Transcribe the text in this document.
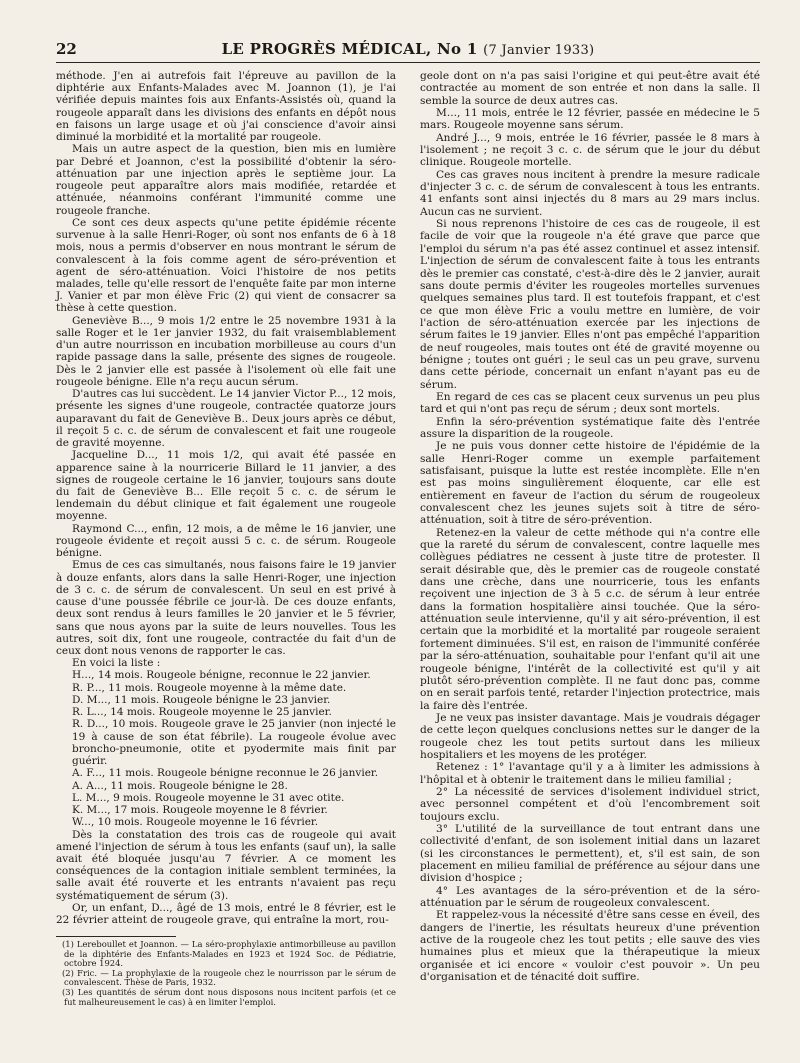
22	LE PROGRÈS MÉDICAL, No 1 (7 Janvier 1933)

méthode. J'en ai autrefois fait l'épreuve au pavillon de la diphtérie aux Enfants-Malades avec M. Joannon (1), je l'ai vérifiée depuis maintes fois aux Enfants-Assistés où, quand la rougeole apparaît dans les divisions des enfants en dépôt nous en faisons un large usage et où j'ai conscience d'avoir ainsi diminué la morbidité et la mortalité par rougeole.

Mais un autre aspect de la question, bien mis en lumière par Debré et Joannon, c'est la possibilité d'obtenir la séro-atténuation par une injection après le septième jour. La rougeole peut apparaître alors mais modifiée, retardée et atténuée, néanmoins conférant l'immunité comme une rougeole franche.

Ce sont ces deux aspects qu'une petite épidémie récente survenue à la salle Henri-Roger, où sont nos enfants de 6 à 18 mois, nous a permis d'observer en nous montrant le sérum de convalescent à la fois comme agent de séro-prévention et agent de séro-atténuation. Voici l'histoire de nos petits malades, telle qu'elle ressort de l'enquête faite par mon interne J. Vanier et par mon élève Fric (2) qui vient de consacrer sa thèse à cette question.

Geneviève B..., 9 mois 1/2 entre le 25 novembre 1931 à la salle Roger et le 1er janvier 1932, du fait vraisemblablement d'un autre nourrisson en incubation morbilleuse au cours d'un rapide passage dans la salle, présente des signes de rougeole. Dès le 2 janvier elle est passée à l'isolement où elle fait une rougeole bénigne. Elle n'a reçu aucun sérum.

D'autres cas lui succèdent. Le 14 janvier Victor P..., 12 mois, présente les signes d'une rougeole, contractée quatorze jours auparavant du fait de Geneviève B.. Deux jours après ce début, il reçoit 5 c. c. de sérum de convalescent et fait une rougeole de gravité moyenne.

Jacqueline D..., 11 mois 1/2, qui avait été passée en apparence saine à la nourricerie Billard le 11 janvier, a des signes de rougeole certaine le 16 janvier, toujours sans doute du fait de Geneviève B... Elle reçoit 5 c. c. de sérum le lendemain du début clinique et fait également une rougeole moyenne.

Raymond C..., enfin, 12 mois, a de même le 16 janvier, une rougeole évidente et reçoit aussi 5 c. c. de sérum. Rougeole bénigne.

Emus de ces cas simultanés, nous faisons faire le 19 janvier à douze enfants, alors dans la salle Henri-Roger, une injection de 3 c. c. de sérum de convalescent. Un seul en est privé à cause d'une poussée fébrile ce jour-là. De ces douze enfants, deux sont rendus à leurs familles le 20 janvier et le 5 février, sans que nous ayons par la suite de leurs nouvelles. Tous les autres, soit dix, font une rougeole, contractée du fait d'un de ceux dont nous venons de rapporter le cas.

En voici la liste :

H..., 14 mois. Rougeole bénigne, reconnue le 22 janvier.

R. P..., 11 mois. Rougeole moyenne à la même date.

D. M..., 11 mois. Rougeole bénigne le 23 janvier.

R. L..., 14 mois. Rougeole moyenne le 25 janvier.

R. D..., 10 mois. Rougeole grave le 25 janvier (non injecté le 19 à cause de son état fébrile). La rougeole évolue avec broncho-pneumonie, otite et pyodermite mais finit par guérir.

A. F..., 11 mois. Rougeole bénigne reconnue le 26 janvier.

A. A..., 11 mois. Rougeole bénigne le 28.

L. M..., 9 mois. Rougeole moyenne le 31 avec otite.

K. M..., 17 mois. Rougeole moyenne le 8 février.

W..., 10 mois. Rougeole moyenne le 16 février.

Dès la constatation des trois cas de rougeole qui avait amené l'injection de sérum à tous les enfants (sauf un), la salle avait été bloquée jusqu'au 7 février. A ce moment les conséquences de la contagion initiale semblent terminées, la salle avait été rouverte et les entrants n'avaient pas reçu systématiquement de sérum (3).

Or, un enfant, D..., âgé de 13 mois, entré le 8 février, est le 22 février atteint de rougeole grave, qui entraîne la mort, rou-

geole dont on n'a pas saisi l'origine et qui peut-être avait été contractée au moment de son entrée et non dans la salle. Il semble la source de deux autres cas.

M..., 11 mois, entrée le 12 février, passée en médecine le 5 mars. Rougeole moyenne sans sérum.

André J..., 9 mois, entrée le 16 février, passée le 8 mars à l'isolement ; ne reçoit 3 c. c. de sérum que le jour du début clinique. Rougeole mortelle.

Ces cas graves nous incitent à prendre la mesure radicale d'injecter 3 c. c. de sérum de convalescent à tous les entrants. 41 enfants sont ainsi injectés du 8 mars au 29 mars inclus. Aucun cas ne survient.

Si nous reprenons l'histoire de ces cas de rougeole, il est facile de voir que la rougeole n'a été grave que parce que l'emploi du sérum n'a pas été assez continuel et assez intensif. L'injection de sérum de convalescent faite à tous les entrants dès le premier cas constaté, c'est-à-dire dès le 2 janvier, aurait sans doute permis d'éviter les rougeoles mortelles survenues quelques semaines plus tard. Il est toutefois frappant, et c'est ce que mon élève Fric a voulu mettre en lumière, de voir l'action de séro-atténuation exercée par les injections de sérum faites le 19 janvier. Elles n'ont pas empêché l'apparition de neuf rougeoles, mais toutes ont été de gravité moyenne ou bénigne ; toutes ont guéri ; le seul cas un peu grave, survenu dans cette période, concernait un enfant n'ayant pas eu de sérum.

En regard de ces cas se placent ceux survenus un peu plus tard et qui n'ont pas reçu de sérum ; deux sont mortels.

Enfin la séro-prévention systématique faite dès l'entrée assure la disparition de la rougeole.

Je ne puis vous donner cette histoire de l'épidémie de la salle Henri-Roger comme un exemple parfaitement satisfaisant, puisque la lutte est restée incomplète. Elle n'en est pas moins singulièrement éloquente, car elle est entièrement en faveur de l'action du sérum de rougeoleux convalescent chez les jeunes sujets soit à titre de séro-atténuation, soit à titre de séro-prévention.

Retenez-en la valeur de cette méthode qui n'a contre elle que la rareté du sérum de convalescent, contre laquelle mes collègues pédiatres ne cessent à juste titre de protester. Il serait désirable que, dès le premier cas de rougeole constaté dans une crèche, dans une nourricerie, tous les enfants reçoivent une injection de 3 à 5 c.c. de sérum à leur entrée dans la formation hospitalière ainsi touchée. Que la séro-atténuation seule intervienne, qu'il y ait séro-prévention, il est certain que la morbidité et la mortalité par rougeole seraient fortement diminuées. S'il est, en raison de l'immunité conférée par la séro-atténuation, souhaitable pour l'enfant qu'il ait une rougeole bénigne, l'intérêt de la collectivité est qu'il y ait plutôt séro-prévention complète. Il ne faut donc pas, comme on en serait parfois tenté, retarder l'injection protectrice, mais la faire dès l'entrée.

Je ne veux pas insister davantage. Mais je voudrais dégager de cette leçon quelques conclusions nettes sur le danger de la rougeole chez les tout petits surtout dans les milieux hospitaliers et les moyens de les protéger.

Retenez : 1° l'avantage qu'il y a à limiter les admissions à l'hôpital et à obtenir le traitement dans le milieu familial ;

2° La nécessité de services d'isolement individuel strict, avec personnel compétent et d'où l'encombrement soit toujours exclu.

3° L'utilité de la surveillance de tout entrant dans une collectivité d'enfant, de son isolement initial dans un lazaret (si les circonstances le permettent), et, s'il est sain, de son placement en milieu familial de préférence au séjour dans une division d'hospice ;

4° Les avantages de la séro-prévention et de la séro-atténuation par le sérum de rougeoleux convalescent.

Et rappelez-vous la nécessité d'être sans cesse en éveil, des dangers de l'inertie, les résultats heureux d'une prévention active de la rougeole chez les tout petits ; elle sauve des vies humaines plus et mieux que la thérapeutique la mieux organisée et ici encore « vouloir c'est pouvoir ». Un peu d'organisation et de ténacité doit suffire.

(1) Lereboullet et Joannon. — La séro-prophylaxie antimorbilleuse au pavillon de la diphtérie des Enfants-Malades en 1923 et 1924 Soc. de Pédiatrie, octobre 1924.

(2) Fric. — La prophylaxie de la rougeole chez le nourrisson par le sérum de convalescent. Thèse de Paris, 1932.

(3) Les quantités de sérum dont nous disposons nous incitent parfois (et ce fut malheureusement le cas) à en limiter l'emploi.
